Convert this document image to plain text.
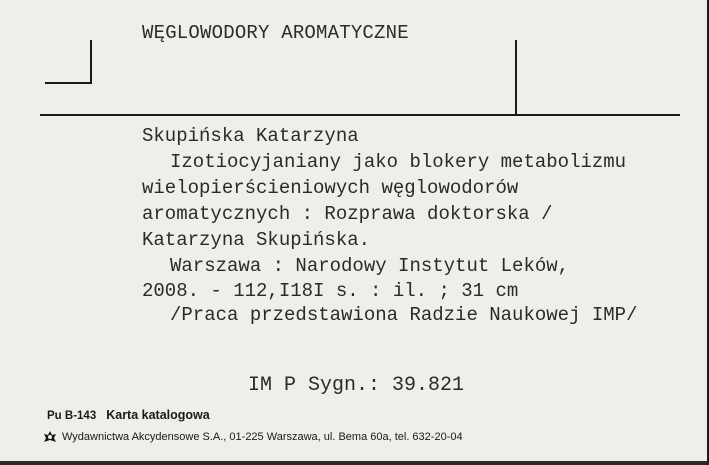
WĘGLOWODORY AROMATYCZNE
Skupińska Katarzyna
Izotiocyjaniany jako blokery metabolizmu
wielopierścieniowych węglowodorów
aromatycznych : Rozprawa doktorska /
Katarzyna Skupińska.
Warszawa : Narodowy Instytut Leków,
2008. - 112,I18I s. : il. ; 31 cm
/Praca przedstawiona Radzie Naukowej IMP/
IM P Sygn.: 39.821
Pu B-143 Karta katalogowa
Wydawnictwa Akcydensowe S.A., 01-225 Warszawa, ul. Bema 60a, tel. 632-20-04
